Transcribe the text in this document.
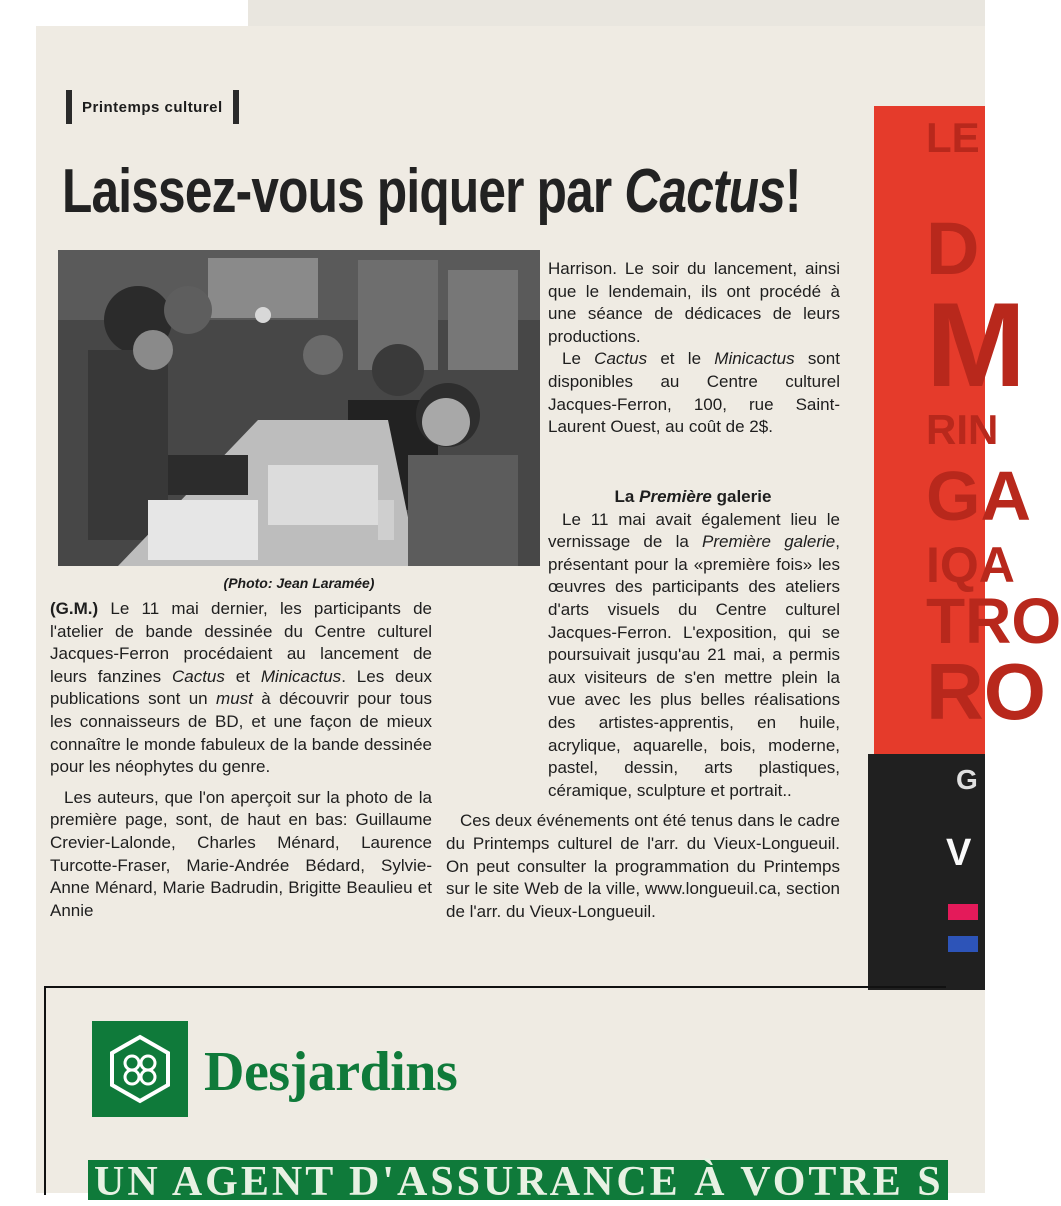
Printemps culturel
Laissez-vous piquer par Cactus!
(Photo: Jean Laramée)

(G.M.) Le 11 mai dernier, les participants de l'atelier de bande dessinée du Centre culturel Jacques-Ferron procédaient au lancement de leurs fanzines Cactus et Minicactus. Les deux publications sont un must à découvrir pour tous les connaisseurs de BD, et une façon de mieux connaître le monde fabuleux de la bande dessinée pour les néophytes du genre.

Les auteurs, que l'on aperçoit sur la photo de la première page, sont, de haut en bas: Guillaume Crevier-Lalonde, Charles Ménard, Laurence Turcotte-Fraser, Marie-Andrée Bédard, Sylvie-Anne Ménard, Marie Badrudin, Brigitte Beaulieu et Annie

Harrison. Le soir du lancement, ainsi que le lendemain, ils ont procédé à une séance de dédicaces de leurs productions.

Le Cactus et le Minicactus sont disponibles au Centre culturel Jacques-Ferron, 100, rue Saint-Laurent Ouest, au coût de 2$.

La Première galerie

Le 11 mai avait également lieu le vernissage de la Première galerie, présentant pour la «première fois» les œuvres des participants des ateliers d'arts visuels du Centre culturel Jacques-Ferron. L'exposition, qui se poursuivait jusqu'au 21 mai, a permis aux visiteurs de s'en mettre plein la vue avec les plus belles réalisations des artistes-apprentis, en huile, acrylique, aquarelle, bois, moderne, pastel, dessin, arts plastiques, céramique, sculpture et portrait..

Ces deux événements ont été tenus dans le cadre du Printemps culturel de l'arr. du Vieux-Longueuil. On peut consulter la programmation du Printemps sur le site Web de la ville, www.longueuil.ca, section de l'arr. du Vieux-Longueuil.

LE
D
M
RIN
GA
IQA
TRO
RO
G
V
Desjardins
UN AGENT D'ASSURANCE À VOTRE S
